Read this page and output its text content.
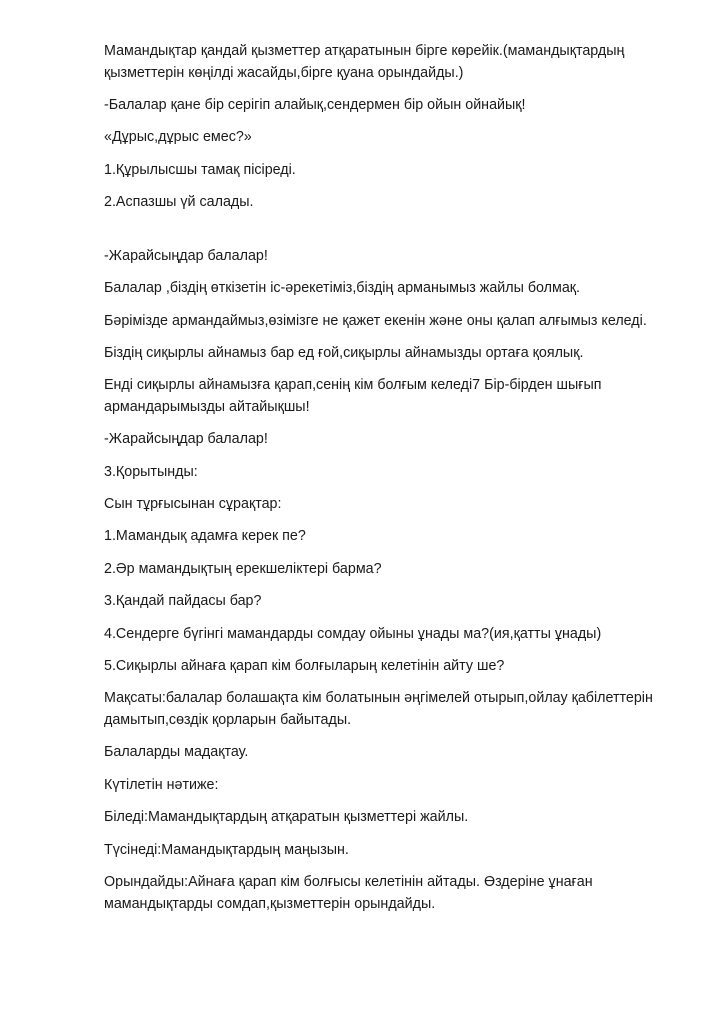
Мамандықтар қандай қызметтер атқаратынын бірге көрейік.(мамандықтардың қызметтерін көңілді жасайды,бірге қуана орындайды.)

-Балалар қане бір серігіп алайық,сендермен бір ойын ойнайық!

«Дұрыс,дұрыс емес?»

1.Құрылысшы тамақ пісіреді.

2.Аспазшы үй салады.

-Жарайсыңдар балалар!

Балалар ,біздің өткізетін іс-әрекетіміз,біздің арманымыз жайлы болмақ.

Бәрімізде армандаймыз,өзімізге не қажет екенін және оны қалап алғымыз келеді.

Біздің сиқырлы айнамыз бар ед ғой,сиқырлы айнамызды ортаға қоялық.

Енді сиқырлы айнамызға қарап,сенің кім болғым келеді7 Бір-бірден шығып армандарымызды айтайықшы!

-Жарайсыңдар балалар!

3.Қорытынды:

Сын тұрғысынан сұрақтар:

1.Мамандық адамға керек пе?

2.Әр мамандықтың ерекшеліктері барма?

3.Қандай пайдасы бар?

4.Сендерге бүгінгі мамандарды сомдау ойыны ұнады ма?(ия,қатты ұнады)

5.Сиқырлы айнаға қарап кім болғыларың келетінін айту ше?

Мақсаты:балалар болашақта кім болатынын әңгімелей отырып,ойлау қабілеттерін дамытып,сөздік қорларын байытады.

Балаларды мадақтау.

Күтілетін нәтиже:

Біледі:Мамандықтардың атқаратын қызметтері жайлы.

Түсінеді:Мамандықтардың маңызын.

Орындайды:Айнаға қарап кім болғысы келетінін айтады. Өздеріне ұнаған мамандықтарды сомдап,қызметтерін орындайды.
